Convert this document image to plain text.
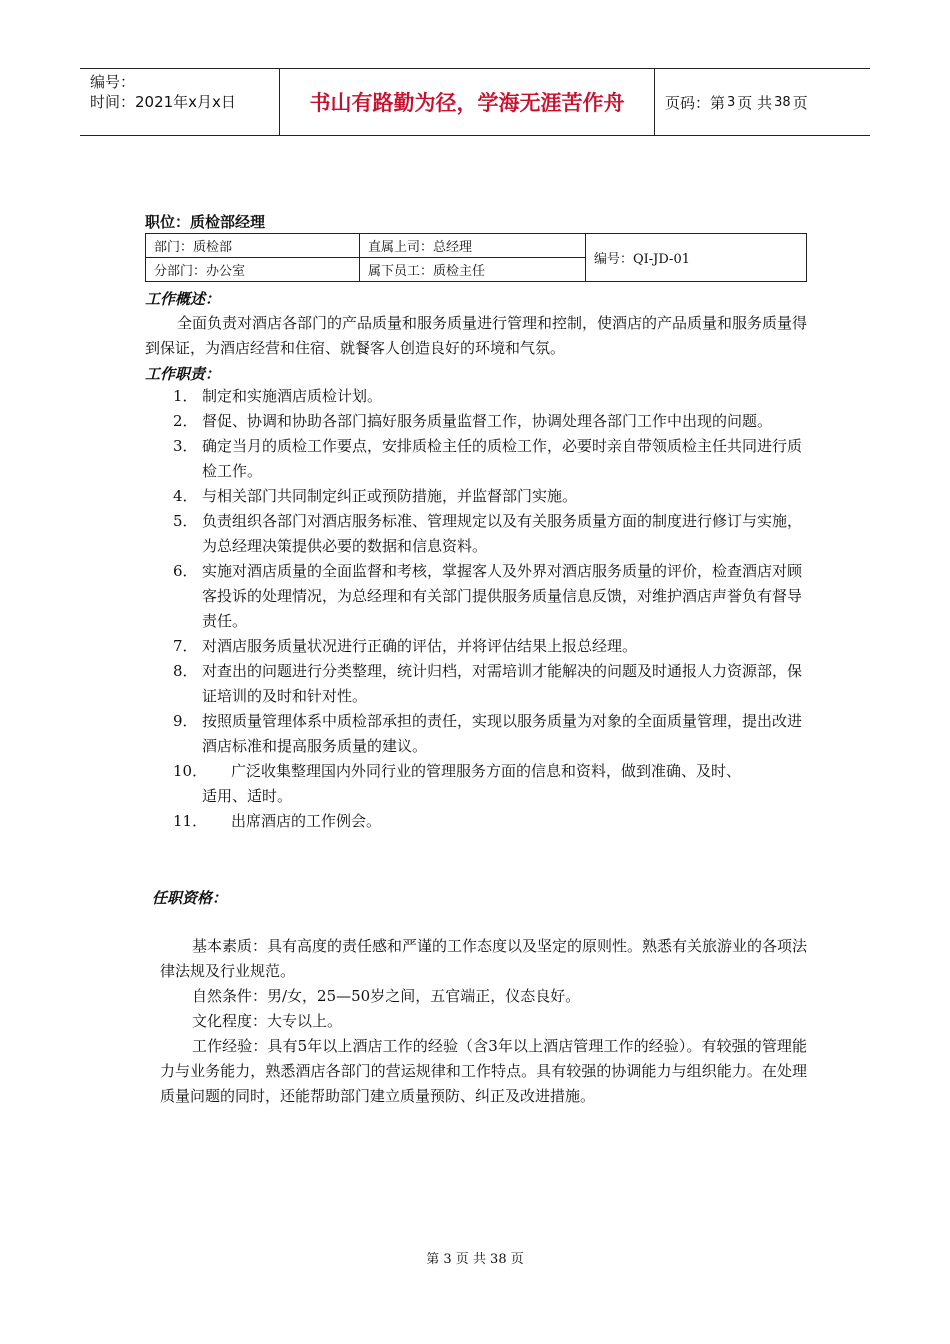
编号：
时间：2021年x月x日	书山有路勤为径，学海无涯苦作舟	页码：第 3 页 共 38 页
职位：质检部经理
部门：质检部	直属上司：总经理	编号：QI-JD-01
分部门：办公室	属下员工：质检主任	
工作概述：
全面负责对酒店各部门的产品质量和服务质量进行管理和控制，使酒店的产品质量和服务质量得到保证，为酒店经营和住宿、就餐客人创造良好的环境和气氛。
工作职责：
1． 制定和实施酒店质检计划。
2． 督促、协调和协助各部门搞好服务质量监督工作，协调处理各部门工作中出现的问题。
3． 确定当月的质检工作要点，安排质检主任的质检工作，必要时亲自带领质检主任共同进行质检工作。
4． 与相关部门共同制定纠正或预防措施，并监督部门实施。
5． 负责组织各部门对酒店服务标准、管理规定以及有关服务质量方面的制度进行修订与实施，为总经理决策提供必要的数据和信息资料。
6． 实施对酒店质量的全面监督和考核，掌握客人及外界对酒店服务质量的评价，检查酒店对顾客投诉的处理情况，为总经理和有关部门提供服务质量信息反馈，对维护酒店声誉负有督导责任。
7． 对酒店服务质量状况进行正确的评估，并将评估结果上报总经理。
8． 对查出的问题进行分类整理，统计归档，对需培训才能解决的问题及时通报人力资源部，保证培训的及时和针对性。
9． 按照质量管理体系中质检部承担的责任，实现以服务质量为对象的全面质量管理，提出改进酒店标准和提高服务质量的建议。
10． 广泛收集整理国内外同行业的管理服务方面的信息和资料，做到准确、及时、
适用、适时。
11． 出席酒店的工作例会。
任职资格：
基本素质：具有高度的责任感和严谨的工作态度以及坚定的原则性。熟悉有关旅游业的各项法律法规及行业规范。
自然条件：男/女，25—50岁之间，五官端正，仪态良好。
文化程度：大专以上。
工作经验：具有5年以上酒店工作的经验（含3年以上酒店管理工作的经验）。有较强的管理能力与业务能力，熟悉酒店各部门的营运规律和工作特点。具有较强的协调能力与组织能力。在处理质量问题的同时，还能帮助部门建立质量预防、纠正及改进措施。
第 3 页 共 38 页
